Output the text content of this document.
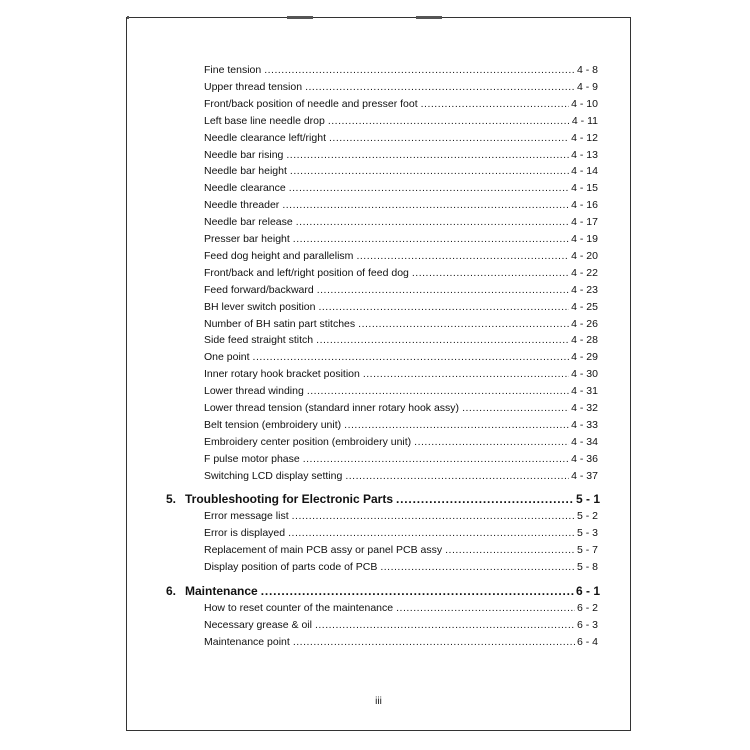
Fine tension .....	4 - 8
Upper thread tension .....	4 - 9
Front/back position of needle and presser foot .....	4 - 10
Left base line needle drop .....	4 - 11
Needle clearance left/right .....	4 - 12
Needle bar rising .....	4 - 13
Needle bar height .....	4 - 14
Needle clearance .....	4 - 15
Needle threader .....	4 - 16
Needle bar release .....	4 - 17
Presser bar height .....	4 - 19
Feed dog height and parallelism .....	4 - 20
Front/back and left/right position of feed dog .....	4 - 22
Feed forward/backward .....	4 - 23
BH lever switch position .....	4 - 25
Number of BH satin part stitches .....	4 - 26
Side feed straight stitch .....	4 - 28
One point .....	4 - 29
Inner rotary hook bracket position .....	4 - 30
Lower thread winding .....	4 - 31
Lower thread tension (standard inner rotary hook assy) .....	4 - 32
Belt tension (embroidery unit) .....	4 - 33
Embroidery center position (embroidery unit) .....	4 - 34
F pulse motor phase .....	4 - 36
Switching LCD display setting .....	4 - 37
5. Troubleshooting for Electronic Parts .....	5 - 1
Error message list .....	5 - 2
Error is displayed .....	5 - 3
Replacement of main PCB assy or panel PCB assy .....	5 - 7
Display position of parts code of PCB .....	5 - 8
6. Maintenance .....	6 - 1
How to reset counter of the maintenance .....	6 - 2
Necessary grease & oil .....	6 - 3
Maintenance point .....	6 - 4
iii
